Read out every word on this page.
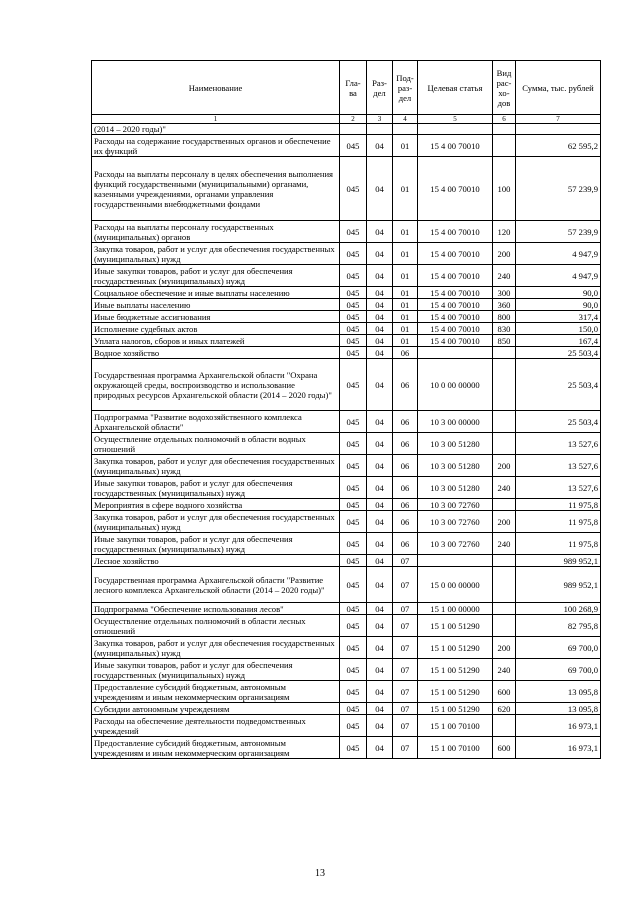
Наименование	Гла-ва	Раз-дел	Под-раз-дел	Целевая статья	Вид рас-хо-дов	Сумма, тыс. рублей
1	2	3	4	5	6	7
(2014 – 2020 годы)"						
Расходы на содержание государственных органов и обеспечение их функций	045	04	01	15 4 00 70010		62 595,2
Расходы на выплаты персоналу в целях обеспечения выполнения функций государственными (муниципальными) органами, казенными учреждениями, органами управления государственными внебюджетными фондами	045	04	01	15 4 00 70010	100	57 239,9
Расходы на выплаты персоналу государственных (муниципальных) органов	045	04	01	15 4 00 70010	120	57 239,9
Закупка товаров, работ и услуг для обеспечения государственных (муниципальных) нужд	045	04	01	15 4 00 70010	200	4 947,9
Иные закупки товаров, работ и услуг для обеспечения государственных (муниципальных) нужд	045	04	01	15 4 00 70010	240	4 947,9
Социальное обеспечение и иные выплаты населению	045	04	01	15 4 00 70010	300	90,0
Иные выплаты населению	045	04	01	15 4 00 70010	360	90,0
Иные бюджетные ассигнования	045	04	01	15 4 00 70010	800	317,4
Исполнение судебных актов	045	04	01	15 4 00 70010	830	150,0
Уплата налогов, сборов и иных платежей	045	04	01	15 4 00 70010	850	167,4
Водное хозяйство	045	04	06			25 503,4
Государственная программа Архангельской области "Охрана окружающей среды, воспроизводство и использование природных ресурсов Архангельской области (2014 – 2020 годы)"	045	04	06	10 0 00 00000		25 503,4
Подпрограмма "Развитие водохозяйственного комплекса Архангельской области"	045	04	06	10 3 00 00000		25 503,4
Осуществление отдельных полномочий в области водных отношений	045	04	06	10 3 00 51280		13 527,6
Закупка товаров, работ и услуг для обеспечения государственных (муниципальных) нужд	045	04	06	10 3 00 51280	200	13 527,6
Иные закупки товаров, работ и услуг для обеспечения государственных (муниципальных) нужд	045	04	06	10 3 00 51280	240	13 527,6
Мероприятия в сфере водного хозяйства	045	04	06	10 3 00 72760		11 975,8
Закупка товаров, работ и услуг для обеспечения государственных (муниципальных) нужд	045	04	06	10 3 00 72760	200	11 975,8
Иные закупки товаров, работ и услуг для обеспечения государственных (муниципальных) нужд	045	04	06	10 3 00 72760	240	11 975,8
Лесное хозяйство	045	04	07			989 952,1
Государственная программа Архангельской области "Развитие лесного комплекса Архангельской области (2014 – 2020 годы)"	045	04	07	15 0 00 00000		989 952,1
Подпрограмма "Обеспечение использования лесов"	045	04	07	15 1 00 00000		100 268,9
Осуществление отдельных полномочий в области лесных отношений	045	04	07	15 1 00 51290		82 795,8
Закупка товаров, работ и услуг для обеспечения государственных (муниципальных) нужд	045	04	07	15 1 00 51290	200	69 700,0
Иные закупки товаров, работ и услуг для обеспечения государственных (муниципальных) нужд	045	04	07	15 1 00 51290	240	69 700,0
Предоставление субсидий бюджетным, автономным учреждениям и иным некоммерческим организациям	045	04	07	15 1 00 51290	600	13 095,8
Субсидии автономным учреждениям	045	04	07	15 1 00 51290	620	13 095,8
Расходы на обеспечение деятельности подведомственных учреждений	045	04	07	15 1 00 70100		16 973,1
Предоставление субсидий бюджетным, автономным учреждениям и иным некоммерческим организациям	045	04	07	15 1 00 70100	600	16 973,1
13
